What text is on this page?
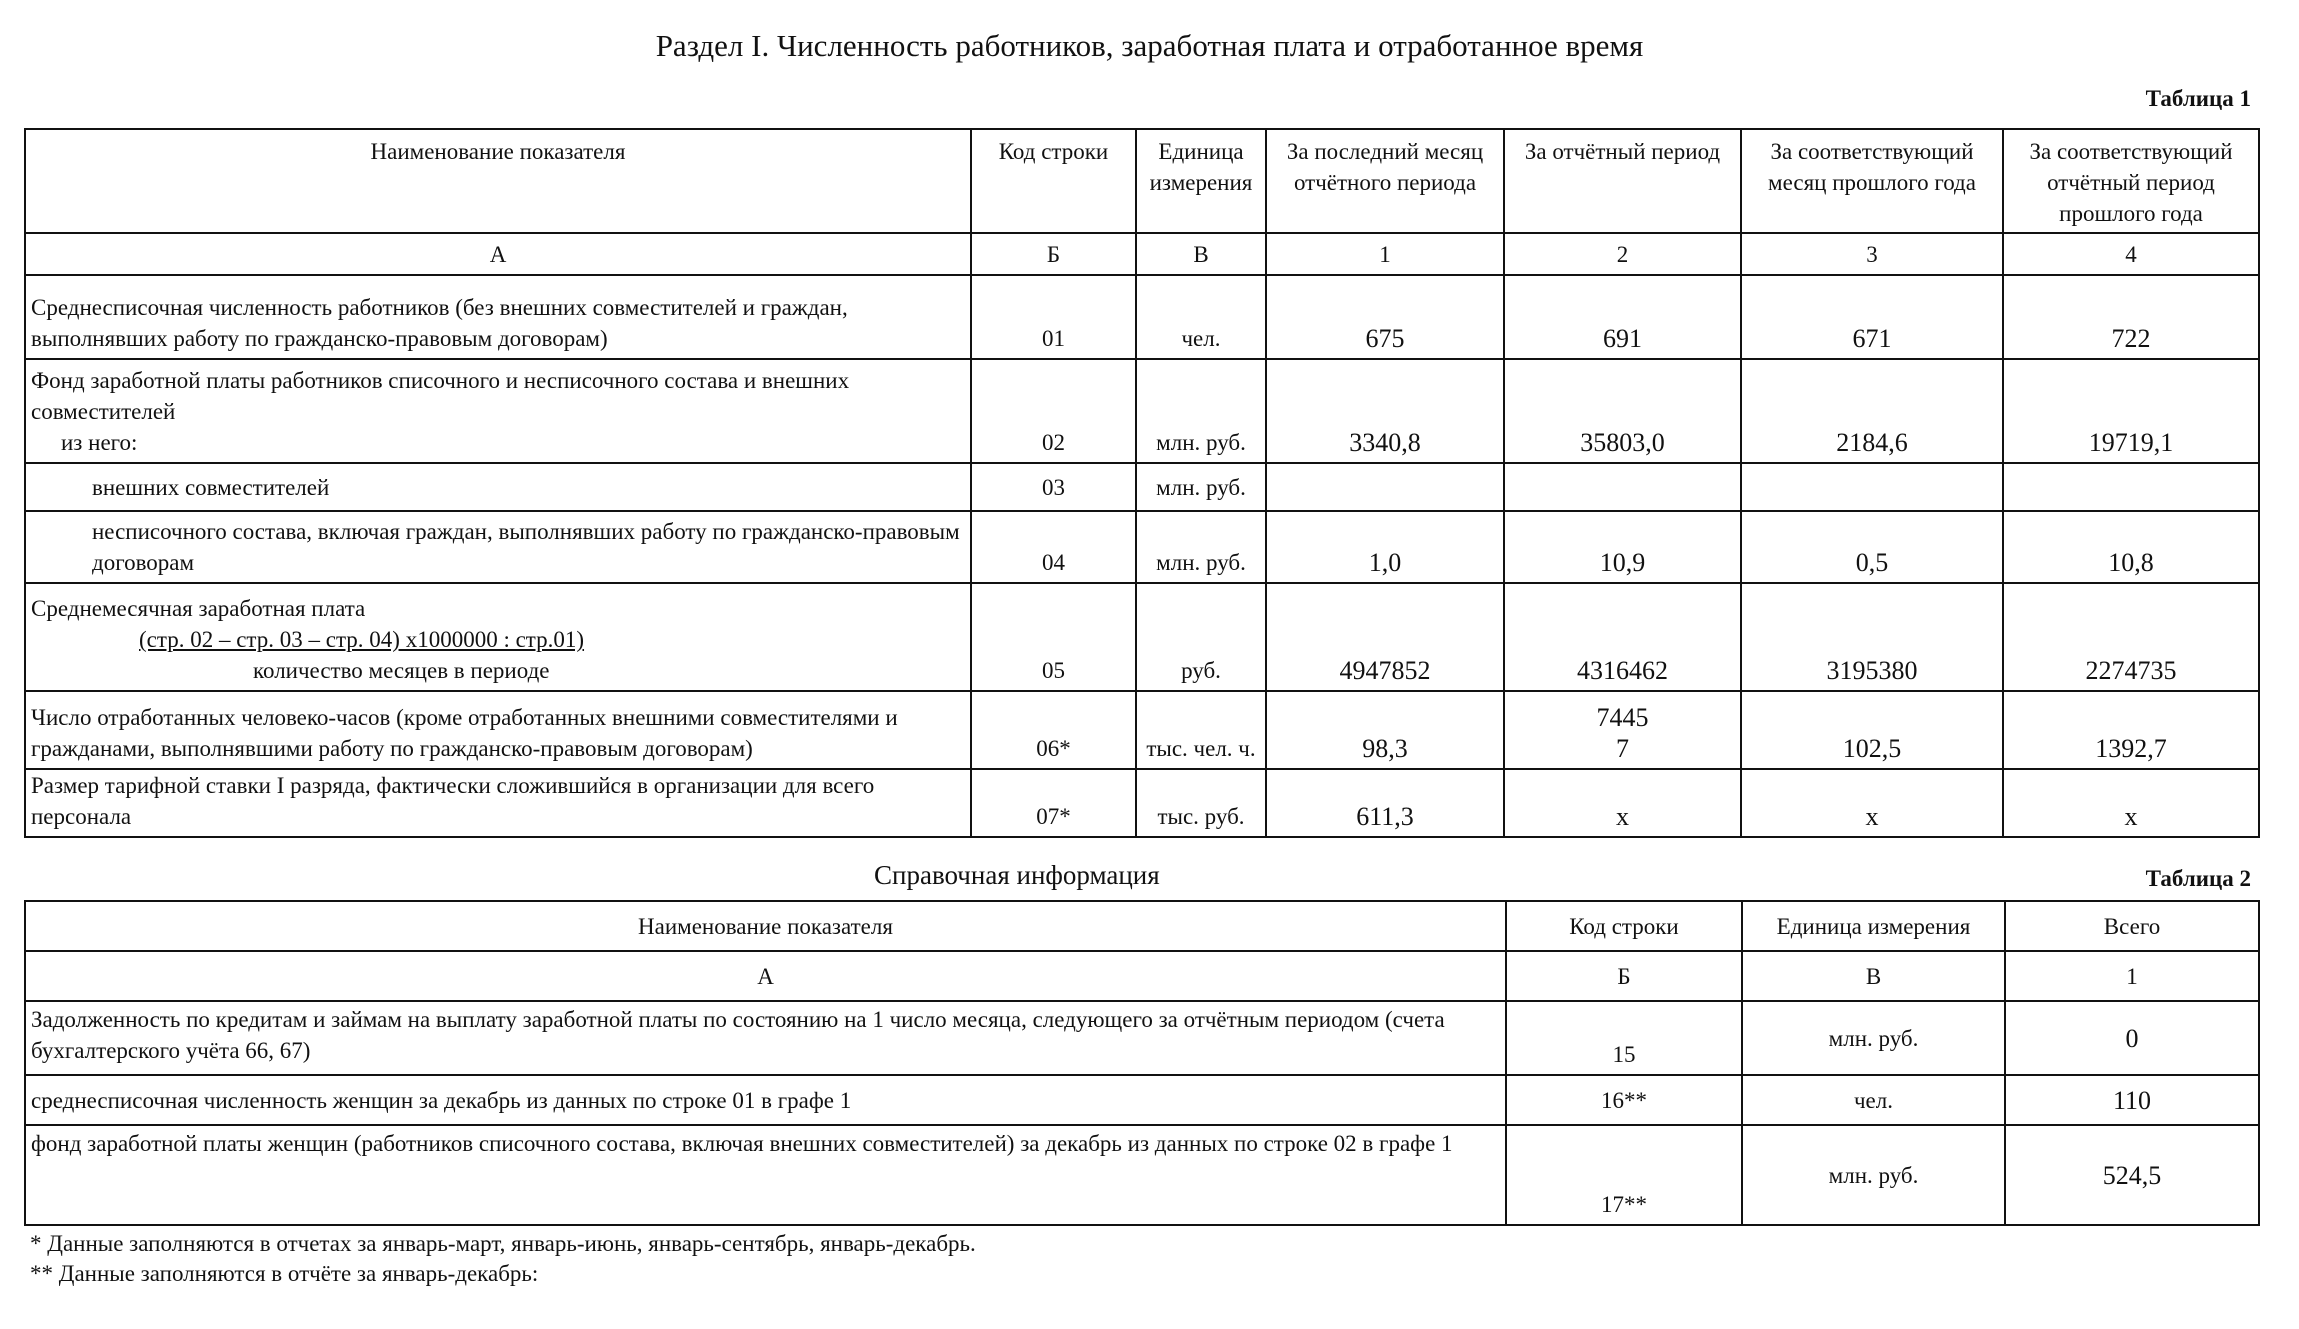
Раздел I. Численность работников, заработная плата и отработанное время
Таблица 1
Наименование показателя	Код строки	Единица измерения	За последний месяц отчётного периода	За отчётный период	За соответствующий месяц прошлого года	За соответствующий отчётный период прошлого года
А	Б	В	1	2	3	4
Среднесписочная численность работников (без внешних совместителей и граждан, выполнявших работу по гражданско-правовым договорам)	01	чел.	675	691	671	722

Фонд заработной платы работников списочного и несписочного состава и внешних совместителей
из него:	02	млн. руб.	3340,8	35803,0	2184,6	19719,1
внешних совместителей	03	млн. руб.				
несписочного состава, включая граждан, выполнявших работу по гражданско-правовым договорам	04	млн. руб.	1,0	10,9	0,5	10,8

Среднемесячная заработная плата
(стр. 02 – стр. 03 – стр. 04) х1000000 : стр.01)
количество месяцев в периоде	05	руб.	4947852	4316462	3195380	2274735
Число отработанных человеко-часов (кроме отработанных внешними совместителями и гражданами, выполнявшими работу по гражданско-правовым договорам)	06*	тыс. чел. ч.	98,3	7445 7	102,5	1392,7
Размер тарифной ставки I разряда, фактически сложившийся в организации для всего персонала	07*	тыс. руб.	611,3	х	х	х
Справочная информация	Таблица 2
Наименование показателя	Код строки	Единица измерения	Всего
А	Б	В	1
Задолженность по кредитам и займам на выплату заработной платы по состоянию на 1 число месяца, следующего за отчётным периодом (счета бухгалтерского учёта 66, 67)	15	млн. руб.	0
среднесписочная численность женщин за декабрь из данных по строке 01 в графе 1	16**	чел.	110
фонд заработной платы женщин (работников списочного состава, включая внешних совместителей) за декабрь из данных по строке 02 в графе 1	17**	млн. руб.	524,5
* Данные заполняются в отчетах за январь-март, январь-июнь, январь-сентябрь, январь-декабрь.
** Данные заполняются в отчёте за январь-декабрь:
